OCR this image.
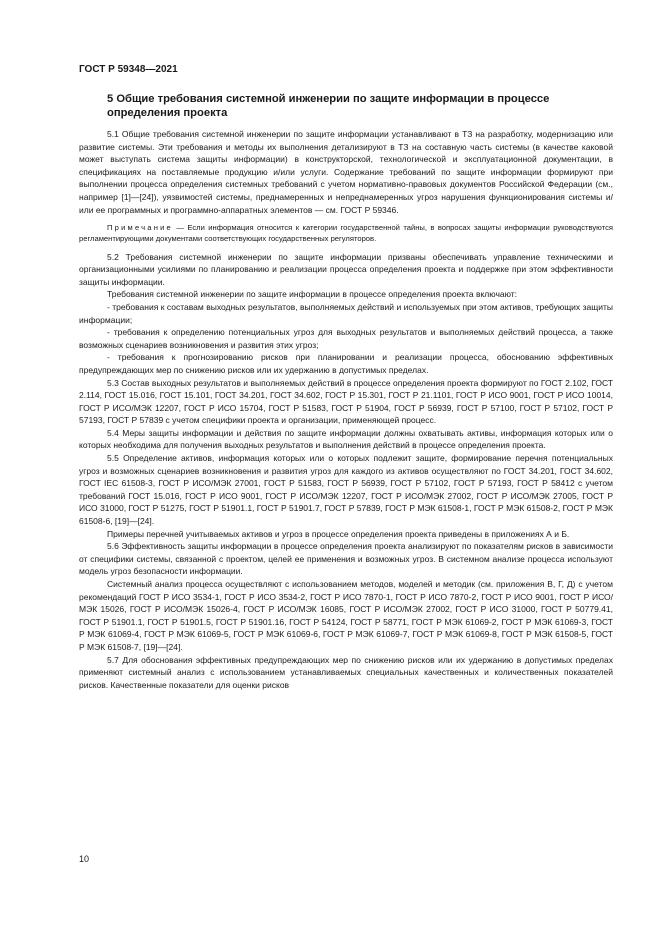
ГОСТ Р 59348—2021
5 Общие требования системной инженерии по защите информации в процессе определения проекта

5.1 Общие требования системной инженерии по защите информации устанавливают в ТЗ на разработку, модернизацию или развитие системы. Эти требования и методы их выполнения детализируют в ТЗ на составную часть системы (в качестве каковой может выступать система защиты информации) в конструкторской, технологической и эксплуатационной документации, в спецификациях на поставляемые продукцию и/или услуги. Содержание требований по защите информации формируют при выполнении процесса определения системных требований с учетом нормативно-правовых документов Российской Федерации (см., например [1]—[24]), уязвимостей системы, преднамеренных и непреднамеренных угроз нарушения функционирования системы и/или ее программных и программно-аппаратных элементов — см. ГОСТ Р 59346.

Примечание — Если информация относится к категории государственной тайны, в вопросах защиты информации руководствуются регламентирующими документами соответствующих государственных регуляторов.

5.2 Требования системной инженерии по защите информации призваны обеспечивать управление техническими и организационными усилиями по планированию и реализации процесса определения проекта и поддержке при этом эффективности защиты информации.

Требования системной инженерии по защите информации в процессе определения проекта включают:

- требования к составам выходных результатов, выполняемых действий и используемых при этом активов, требующих защиты информации;

- требования к определению потенциальных угроз для выходных результатов и выполняемых действий процесса, а также возможных сценариев возникновения и развития этих угроз;

- требования к прогнозированию рисков при планировании и реализации процесса, обоснованию эффективных предупреждающих мер по снижению рисков или их удержанию в допустимых пределах.

5.3 Состав выходных результатов и выполняемых действий в процессе определения проекта формируют по ГОСТ 2.102, ГОСТ 2.114, ГОСТ 15.016, ГОСТ 15.101, ГОСТ 34.201, ГОСТ 34.602, ГОСТ Р 15.301, ГОСТ Р 21.1101, ГОСТ Р ИСО 9001, ГОСТ Р ИСО 10014, ГОСТ Р ИСО/МЭК 12207, ГОСТ Р ИСО 15704, ГОСТ Р 51583, ГОСТ Р 51904, ГОСТ Р 56939, ГОСТ Р 57100, ГОСТ Р 57102, ГОСТ Р 57193, ГОСТ Р 57839 с учетом специфики проекта и организации, применяющей процесс.

5.4 Меры защиты информации и действия по защите информации должны охватывать активы, информация которых или о которых необходима для получения выходных результатов и выполнения действий в процессе определения проекта.

5.5 Определение активов, информация которых или о которых подлежит защите, формирование перечня потенциальных угроз и возможных сценариев возникновения и развития угроз для каждого из активов осуществляют по ГОСТ 34.201, ГОСТ 34.602, ГОСТ IEC 61508-3, ГОСТ Р ИСО/МЭК 27001, ГОСТ Р 51583, ГОСТ Р 56939, ГОСТ Р 57102, ГОСТ Р 57193, ГОСТ Р 58412 с учетом требований ГОСТ 15.016, ГОСТ Р ИСО 9001, ГОСТ Р ИСО/МЭК 12207, ГОСТ Р ИСО/МЭК 27002, ГОСТ Р ИСО/МЭК 27005, ГОСТ Р ИСО 31000, ГОСТ Р 51275, ГОСТ Р 51901.1, ГОСТ Р 51901.7, ГОСТ Р 57839, ГОСТ Р МЭК 61508-1, ГОСТ Р МЭК 61508-2, ГОСТ Р МЭК 61508-6, [19]—[24].

Примеры перечней учитываемых активов и угроз в процессе определения проекта приведены в приложениях А и Б.

5.6 Эффективность защиты информации в процессе определения проекта анализируют по показателям рисков в зависимости от специфики системы, связанной с проектом, целей ее применения и возможных угроз. В системном анализе процесса используют модель угроз безопасности информации.

Системный анализ процесса осуществляют с использованием методов, моделей и методик (см. приложения В, Г, Д) с учетом рекомендаций ГОСТ Р ИСО 3534-1, ГОСТ Р ИСО 3534-2, ГОСТ Р ИСО 7870-1, ГОСТ Р ИСО 7870-2, ГОСТ Р ИСО 9001, ГОСТ Р ИСО/МЭК 15026, ГОСТ Р ИСО/МЭК 15026-4, ГОСТ Р ИСО/МЭК 16085, ГОСТ Р ИСО/МЭК 27002, ГОСТ Р ИСО 31000, ГОСТ Р 50779.41, ГОСТ Р 51901.1, ГОСТ Р 51901.5, ГОСТ Р 51901.16, ГОСТ Р 54124, ГОСТ Р 58771, ГОСТ Р МЭК 61069-2, ГОСТ Р МЭК 61069-3, ГОСТ Р МЭК 61069-4, ГОСТ Р МЭК 61069-5, ГОСТ Р МЭК 61069-6, ГОСТ Р МЭК 61069-7, ГОСТ Р МЭК 61069-8, ГОСТ Р МЭК 61508-5, ГОСТ Р МЭК 61508-7, [19]—[24].

5.7 Для обоснования эффективных предупреждающих мер по снижению рисков или их удержанию в допустимых пределах применяют системный анализ с использованием устанавливаемых специальных качественных и количественных показателей рисков. Качественные показатели для оценки рисков

10
